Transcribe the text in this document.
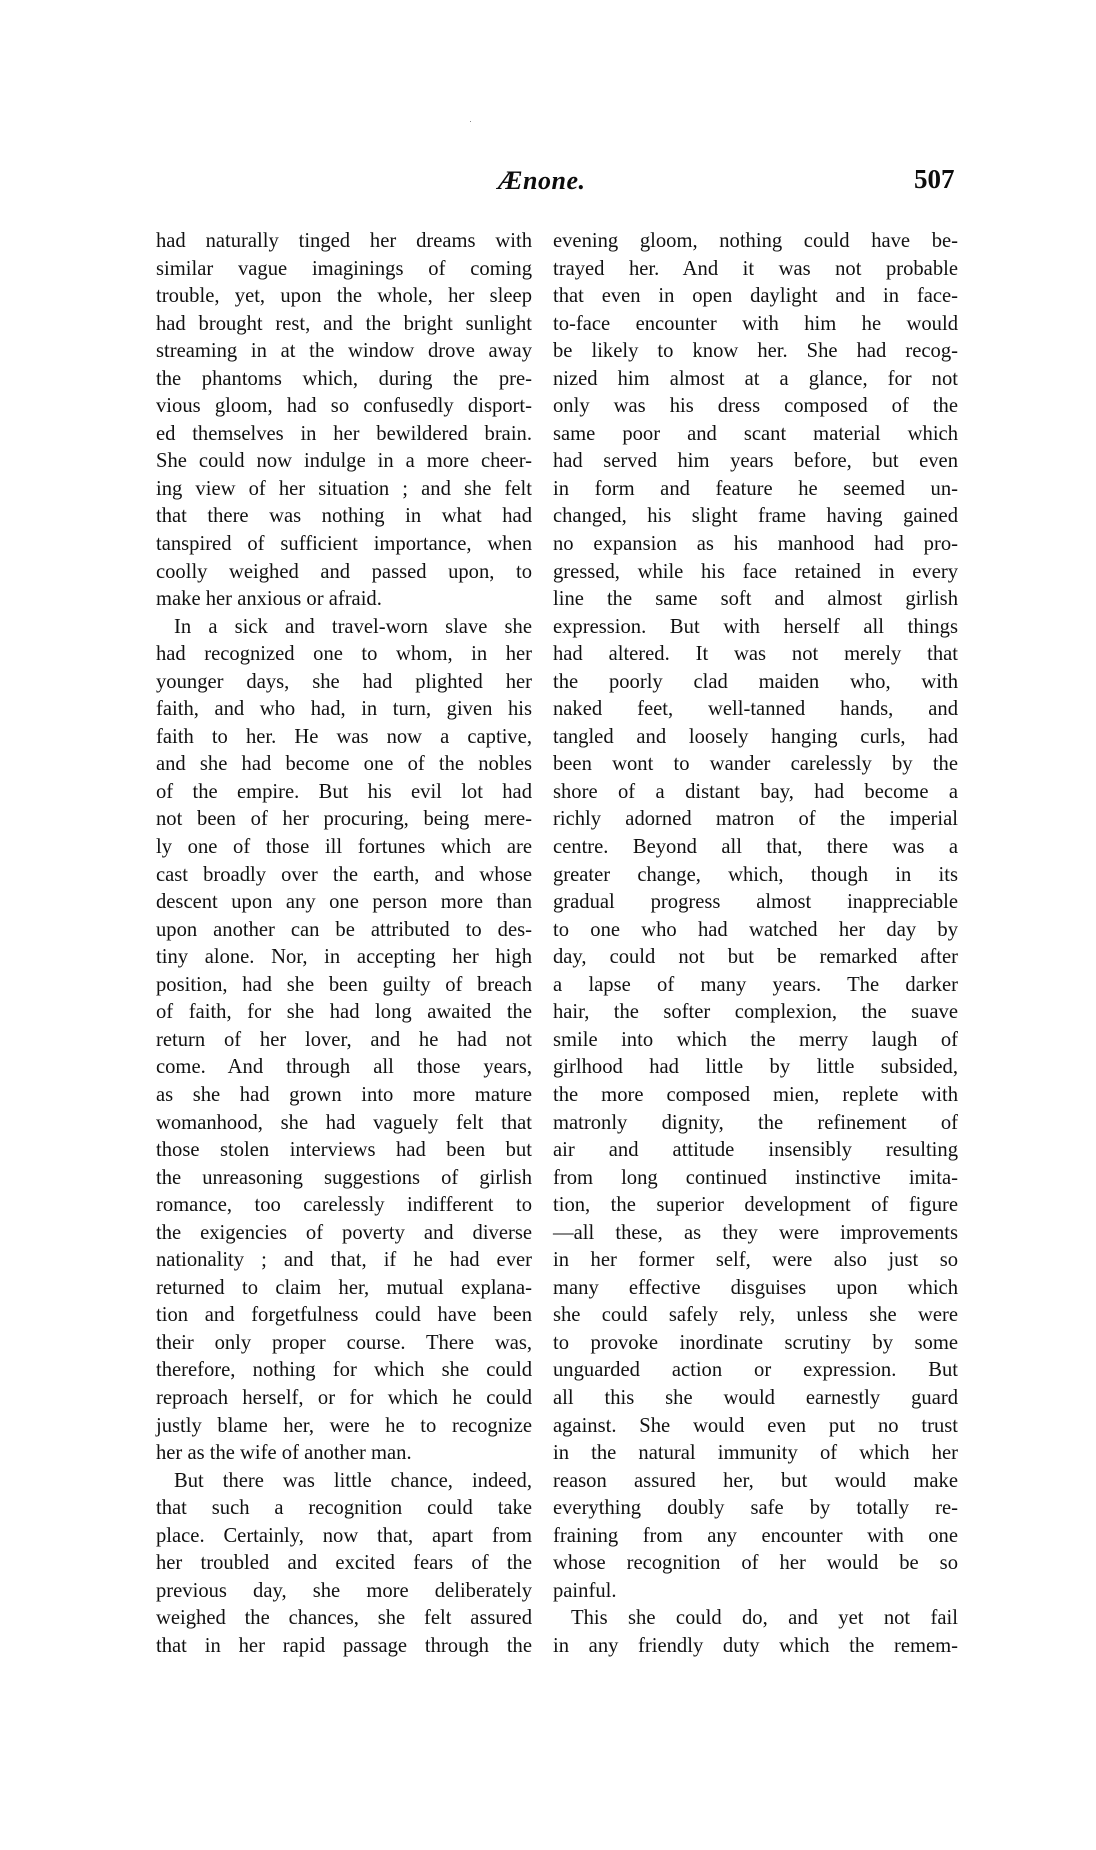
Ænone.	507
had naturally tinged her dreams with
similar vague imaginings of coming
trouble, yet, upon the whole, her sleep
had brought rest, and the bright sunlight
streaming in at the window drove away
the phantoms which, during the pre-
vious gloom, had so confusedly disport-
ed themselves in her bewildered brain.
She could now indulge in a more cheer-
ing view of her situation ; and she felt
that there was nothing in what had
tanspired of sufficient importance, when
coolly weighed and passed upon, to
make her anxious or afraid.
In a sick and travel-worn slave she
had recognized one to whom, in her
younger days, she had plighted her
faith, and who had, in turn, given his
faith to her. He was now a captive,
and she had become one of the nobles
of the empire. But his evil lot had
not been of her procuring, being mere-
ly one of those ill fortunes which are
cast broadly over the earth, and whose
descent upon any one person more than
upon another can be attributed to des-
tiny alone. Nor, in accepting her high
position, had she been guilty of breach
of faith, for she had long awaited the
return of her lover, and he had not
come. And through all those years,
as she had grown into more mature
womanhood, she had vaguely felt that
those stolen interviews had been but
the unreasoning suggestions of girlish
romance, too carelessly indifferent to
the exigencies of poverty and diverse
nationality ; and that, if he had ever
returned to claim her, mutual explana-
tion and forgetfulness could have been
their only proper course. There was,
therefore, nothing for which she could
reproach herself, or for which he could
justly blame her, were he to recognize
her as the wife of another man.
But there was little chance, indeed,
that such a recognition could take
place. Certainly, now that, apart from
her troubled and excited fears of the
previous day, she more deliberately
weighed the chances, she felt assured
that in her rapid passage through the
evening gloom, nothing could have be-
trayed her. And it was not probable
that even in open daylight and in face-
to-face encounter with him he would
be likely to know her. She had recog-
nized him almost at a glance, for not
only was his dress composed of the
same poor and scant material which
had served him years before, but even
in form and feature he seemed un-
changed, his slight frame having gained
no expansion as his manhood had pro-
gressed, while his face retained in every
line the same soft and almost girlish
expression. But with herself all things
had altered. It was not merely that
the poorly clad maiden who, with
naked feet, well-tanned hands, and
tangled and loosely hanging curls, had
been wont to wander carelessly by the
shore of a distant bay, had become a
richly adorned matron of the imperial
centre. Beyond all that, there was a
greater change, which, though in its
gradual progress almost inappreciable
to one who had watched her day by
day, could not but be remarked after
a lapse of many years. The darker
hair, the softer complexion, the suave
smile into which the merry laugh of
girlhood had little by little subsided,
the more composed mien, replete with
matronly dignity, the refinement of
air and attitude insensibly resulting
from long continued instinctive imita-
tion, the superior development of figure
—all these, as they were improvements
in her former self, were also just so
many effective disguises upon which
she could safely rely, unless she were
to provoke inordinate scrutiny by some
unguarded action or expression. But
all this she would earnestly guard
against. She would even put no trust
in the natural immunity of which her
reason assured her, but would make
everything doubly safe by totally re-
fraining from any encounter with one
whose recognition of her would be so
painful.
This she could do, and yet not fail
in any friendly duty which the remem-
